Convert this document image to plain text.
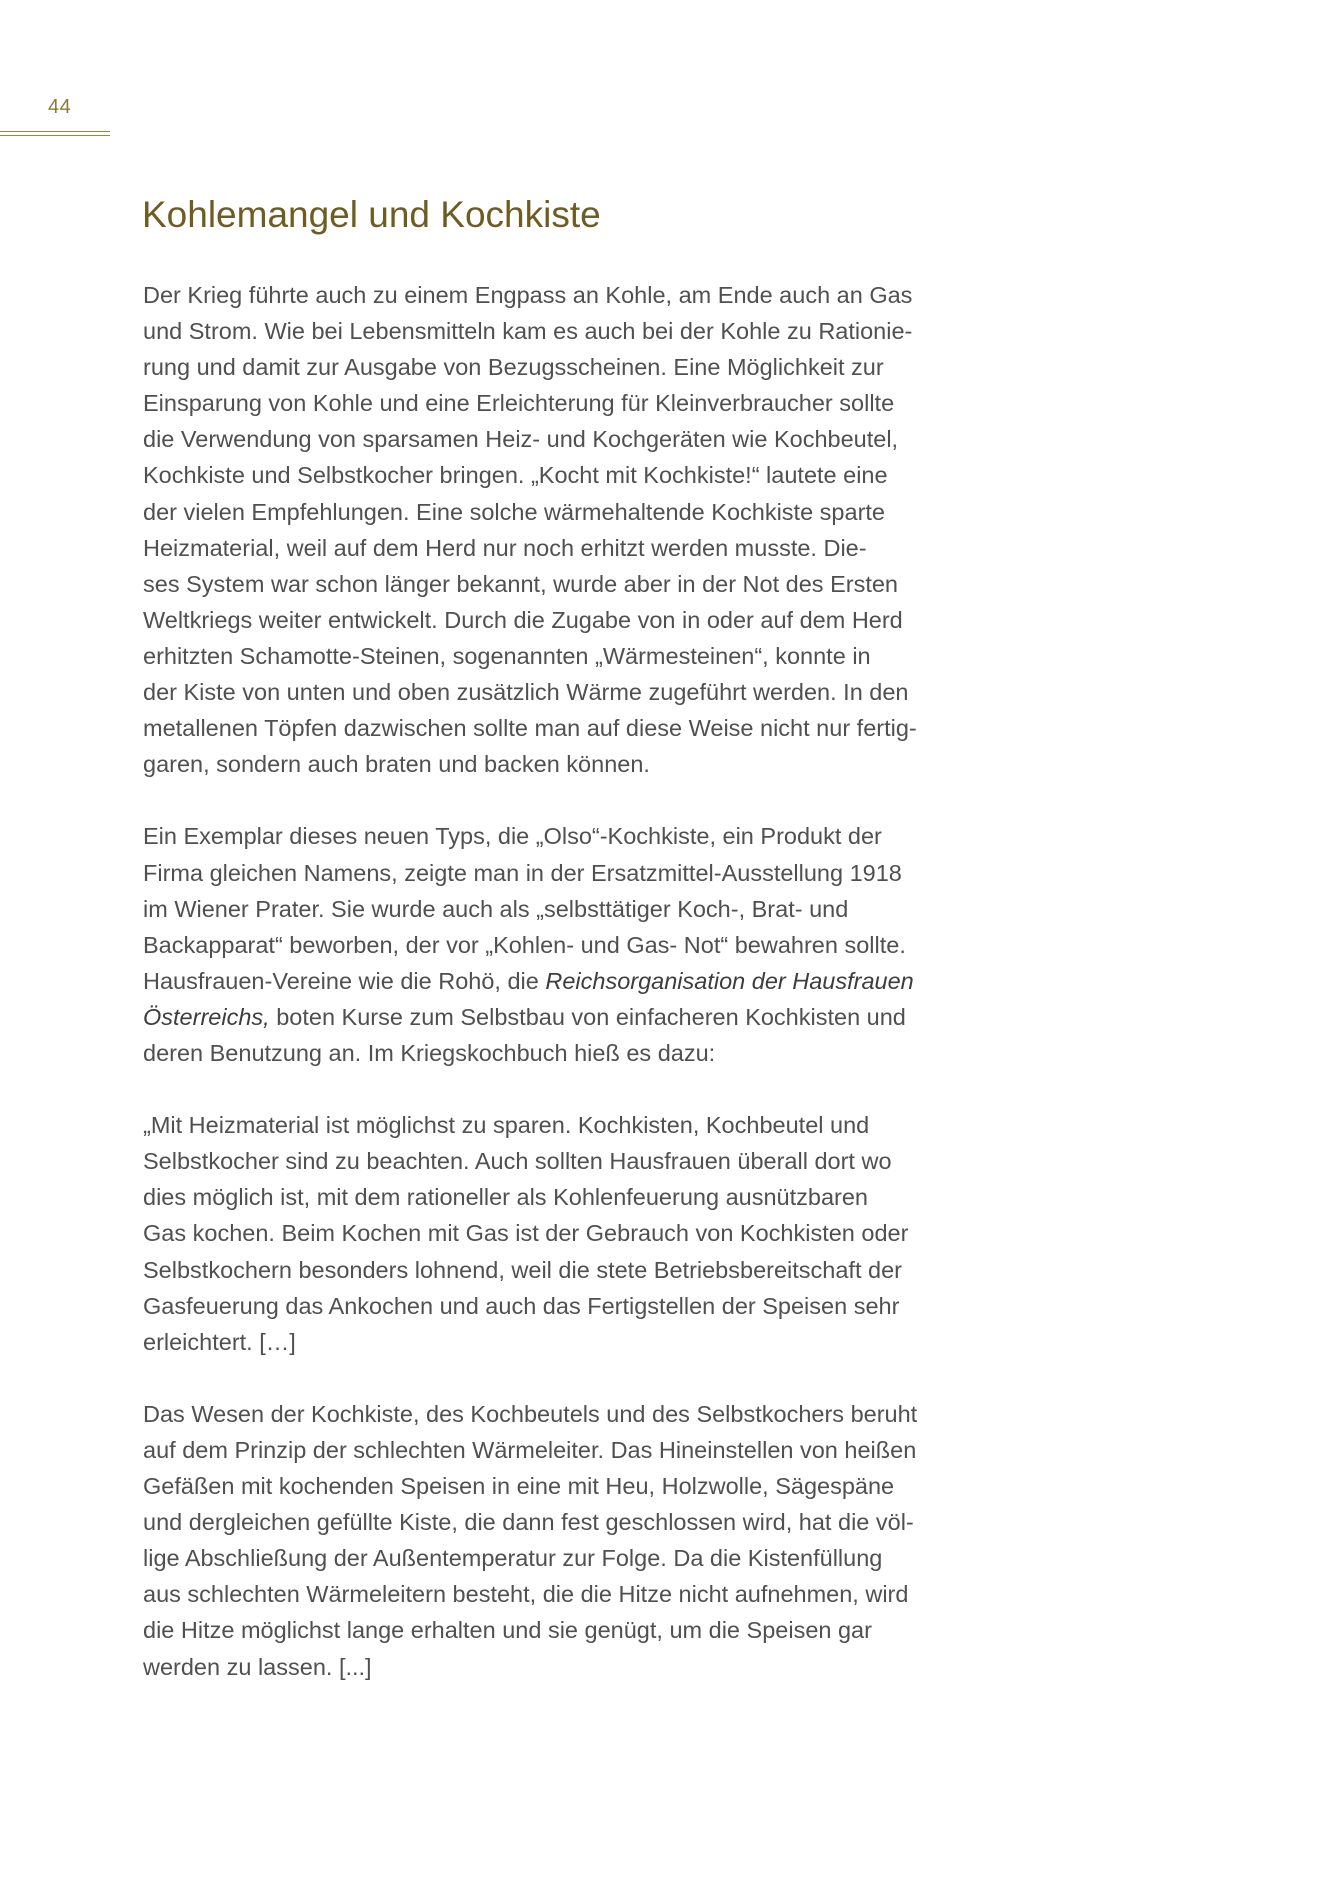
44
Kohlemangel und Kochkiste

Der Krieg führte auch zu einem Engpass an Kohle, am Ende auch an Gas
und Strom. Wie bei Lebensmitteln kam es auch bei der Kohle zu Rationie-
rung und damit zur Ausgabe von Bezugsscheinen. Eine Möglichkeit zur
Einsparung von Kohle und eine Erleichterung für Kleinverbraucher sollte
die Verwendung von sparsamen Heiz- und Kochgeräten wie Kochbeutel,
Kochkiste und Selbstkocher bringen. „Kocht mit Kochkiste!“ lautete eine
der vielen Empfehlungen. Eine solche wärmehaltende Kochkiste sparte
Heizmaterial, weil auf dem Herd nur noch erhitzt werden musste. Die-
ses System war schon länger bekannt, wurde aber in der Not des Ersten
Weltkriegs weiter entwickelt. Durch die Zugabe von in oder auf dem Herd
erhitzten Schamotte-Steinen, sogenannten „Wärmesteinen“, konnte in
der Kiste von unten und oben zusätzlich Wärme zugeführt werden. In den
metallenen Töpfen dazwischen sollte man auf diese Weise nicht nur fertig-
garen, sondern auch braten und backen können.

Ein Exemplar dieses neuen Typs, die „Olso“-Kochkiste, ein Produkt der
Firma gleichen Namens, zeigte man in der Ersatzmittel-Ausstellung 1918
im Wiener Prater. Sie wurde auch als „selbsttätiger Koch-, Brat- und
Backapparat“ beworben, der vor „Kohlen- und Gas- Not“ bewahren sollte.
Hausfrauen-Vereine wie die Rohö, die Reichsorganisation der Hausfrauen
Österreichs, boten Kurse zum Selbstbau von einfacheren Kochkisten und
deren Benutzung an. Im Kriegskochbuch hieß es dazu:

„Mit Heizmaterial ist möglichst zu sparen. Kochkisten, Kochbeutel und
Selbstkocher sind zu beachten. Auch sollten Hausfrauen überall dort wo
dies möglich ist, mit dem rationeller als Kohlenfeuerung ausnützbaren
Gas kochen. Beim Kochen mit Gas ist der Gebrauch von Kochkisten oder
Selbstkochern besonders lohnend, weil die stete Betriebsbereitschaft der
Gasfeuerung das Ankochen und auch das Fertigstellen der Speisen sehr
erleichtert. […]

Das Wesen der Kochkiste, des Kochbeutels und des Selbstkochers beruht
auf dem Prinzip der schlechten Wärmeleiter. Das Hineinstellen von heißen
Gefäßen mit kochenden Speisen in eine mit Heu, Holzwolle, Sägespäne
und dergleichen gefüllte Kiste, die dann fest geschlossen wird, hat die völ-
lige Abschließung der Außentemperatur zur Folge. Da die Kistenfüllung
aus schlechten Wärmeleitern besteht, die die Hitze nicht aufnehmen, wird
die Hitze möglichst lange erhalten und sie genügt, um die Speisen gar
werden zu lassen. [...]
